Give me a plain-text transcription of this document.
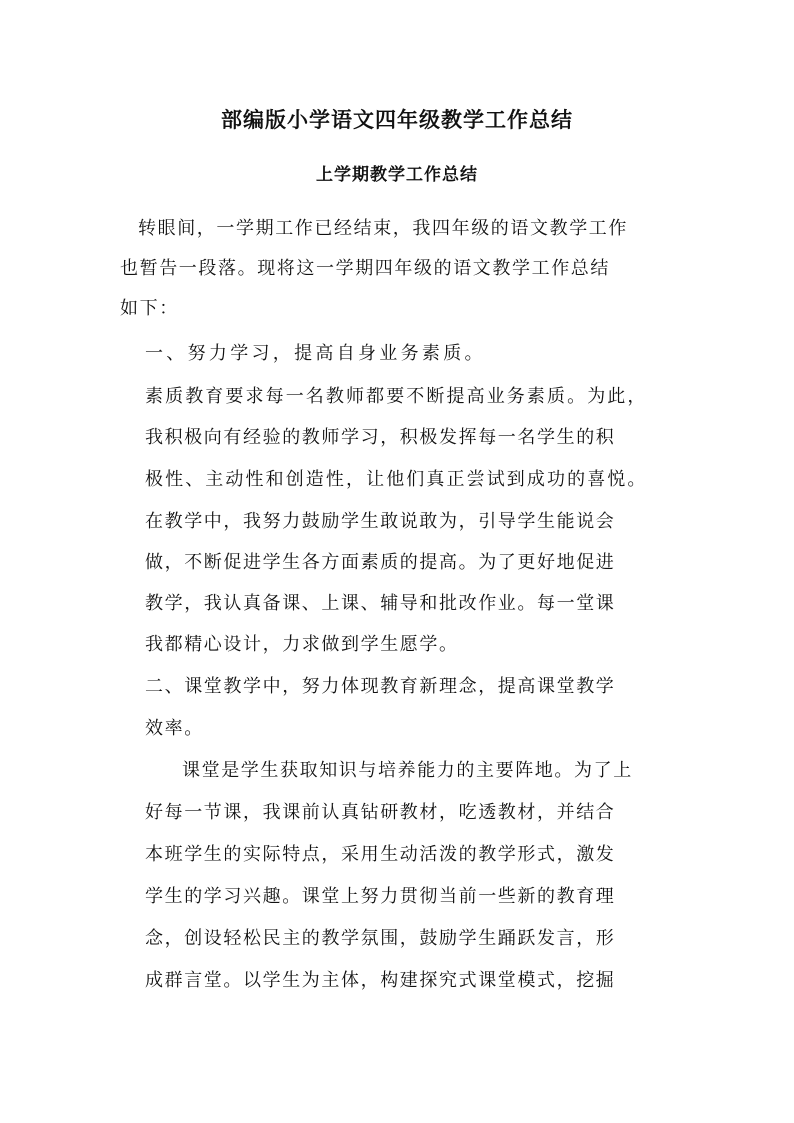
部编版小学语文四年级教学工作总结
上学期教学工作总结

转眼间，一学期工作已经结束，我四年级的语文教学工作

也暂告一段落。现将这一学期四年级的语文教学工作总结

如下：

一、努力学习，提高自身业务素质。

素质教育要求每一名教师都要不断提高业务素质。为此，

我积极向有经验的教师学习，积极发挥每一名学生的积

极性、主动性和创造性，让他们真正尝试到成功的喜悦。

在教学中，我努力鼓励学生敢说敢为，引导学生能说会

做，不断促进学生各方面素质的提高。为了更好地促进

教学，我认真备课、上课、辅导和批改作业。每一堂课

我都精心设计，力求做到学生愿学。

二、课堂教学中，努力体现教育新理念，提高课堂教学

效率。

课堂是学生获取知识与培养能力的主要阵地。为了上

好每一节课，我课前认真钻研教材，吃透教材，并结合

本班学生的实际特点，采用生动活泼的教学形式，激发

学生的学习兴趣。课堂上努力贯彻当前一些新的教育理

念，创设轻松民主的教学氛围，鼓励学生踊跃发言，形

成群言堂。以学生为主体，构建探究式课堂模式，挖掘
